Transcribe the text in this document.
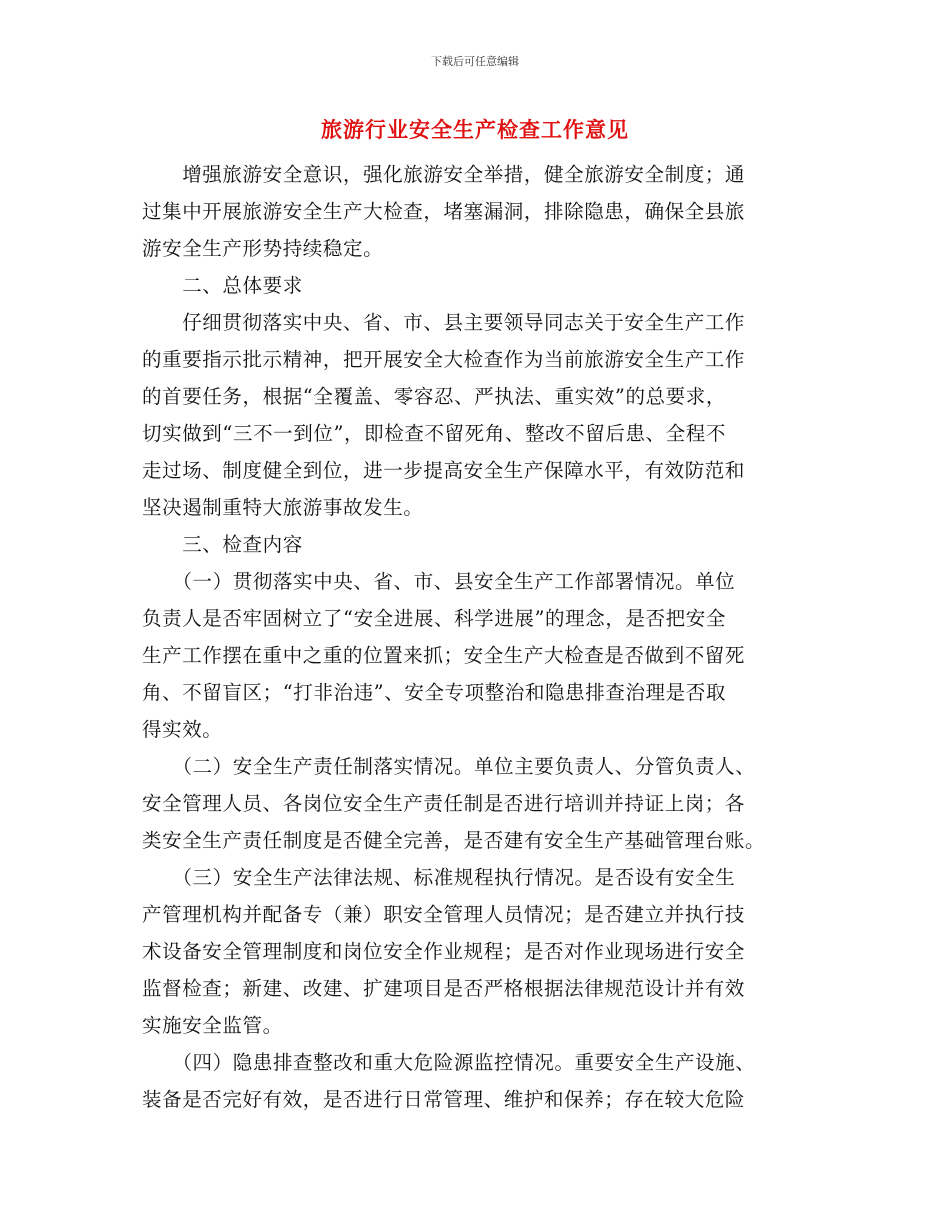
下载后可任意编辑
旅游行业安全生产检查工作意见
　　增强旅游安全意识，强化旅游安全举措，健全旅游安全制度；通
过集中开展旅游安全生产大检查，堵塞漏洞，排除隐患，确保全县旅
游安全生产形势持续稳定。
　　二、总体要求
　　仔细贯彻落实中央、省、市、县主要领导同志关于安全生产工作
的重要指示批示精神，把开展安全大检查作为当前旅游安全生产工作
的首要任务，根据“全覆盖、零容忍、严执法、重实效”的总要求，
切实做到“三不一到位”，即检查不留死角、整改不留后患、全程不
走过场、制度健全到位，进一步提高安全生产保障水平，有效防范和
坚决遏制重特大旅游事故发生。
　　三、检查内容
　　（一）贯彻落实中央、省、市、县安全生产工作部署情况。单位
负责人是否牢固树立了“安全进展、科学进展”的理念，是否把安全
生产工作摆在重中之重的位置来抓；安全生产大检查是否做到不留死
角、不留盲区；“打非治违”、安全专项整治和隐患排查治理是否取
得实效。
　　（二）安全生产责任制落实情况。单位主要负责人、分管负责人、
安全管理人员、各岗位安全生产责任制是否进行培训并持证上岗；各
类安全生产责任制度是否健全完善，是否建有安全生产基础管理台账。
　　（三）安全生产法律法规、标准规程执行情况。是否设有安全生
产管理机构并配备专（兼）职安全管理人员情况；是否建立并执行技
术设备安全管理制度和岗位安全作业规程；是否对作业现场进行安全
监督检查；新建、改建、扩建项目是否严格根据法律规范设计并有效
实施安全监管。
　　（四）隐患排查整改和重大危险源监控情况。重要安全生产设施、
装备是否完好有效，是否进行日常管理、维护和保养；存在较大危险
